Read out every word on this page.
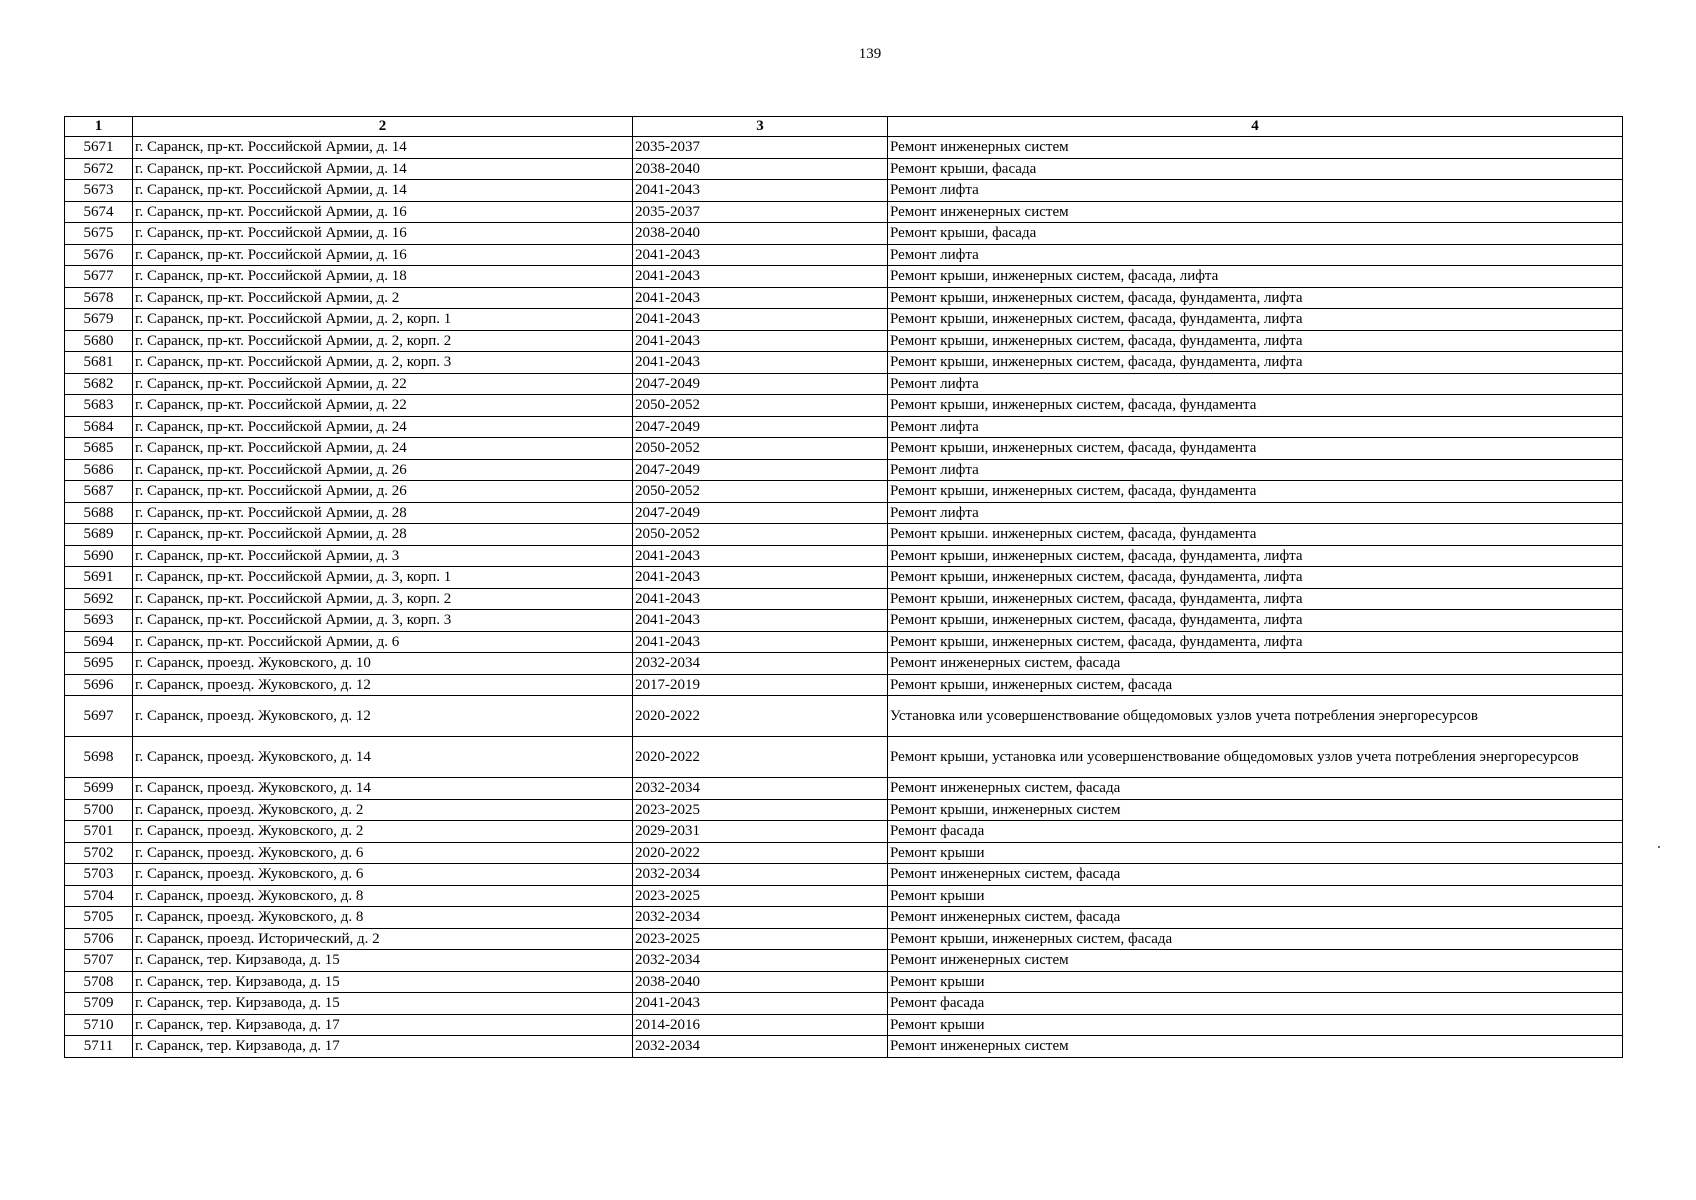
139
1	2	3	4
5671	г. Саранск, пр-кт. Российской Армии, д. 14	2035-2037	Ремонт инженерных систем
5672	г. Саранск, пр-кт. Российской Армии, д. 14	2038-2040	Ремонт крыши, фасада
5673	г. Саранск, пр-кт. Российской Армии, д. 14	2041-2043	Ремонт лифта
5674	г. Саранск, пр-кт. Российской Армии, д. 16	2035-2037	Ремонт инженерных систем
5675	г. Саранск, пр-кт. Российской Армии, д. 16	2038-2040	Ремонт крыши, фасада
5676	г. Саранск, пр-кт. Российской Армии, д. 16	2041-2043	Ремонт лифта
5677	г. Саранск, пр-кт. Российской Армии, д. 18	2041-2043	Ремонт крыши, инженерных систем, фасада, лифта
5678	г. Саранск, пр-кт. Российской Армии, д. 2	2041-2043	Ремонт крыши, инженерных систем, фасада, фундамента, лифта
5679	г. Саранск, пр-кт. Российской Армии, д. 2, корп. 1	2041-2043	Ремонт крыши, инженерных систем, фасада, фундамента, лифта
5680	г. Саранск, пр-кт. Российской Армии, д. 2, корп. 2	2041-2043	Ремонт крыши, инженерных систем, фасада, фундамента, лифта
5681	г. Саранск, пр-кт. Российской Армии, д. 2, корп. 3	2041-2043	Ремонт крыши, инженерных систем, фасада, фундамента, лифта
5682	г. Саранск, пр-кт. Российской Армии, д. 22	2047-2049	Ремонт лифта
5683	г. Саранск, пр-кт. Российской Армии, д. 22	2050-2052	Ремонт крыши, инженерных систем, фасада, фундамента
5684	г. Саранск, пр-кт. Российской Армии, д. 24	2047-2049	Ремонт лифта
5685	г. Саранск, пр-кт. Российской Армии, д. 24	2050-2052	Ремонт крыши, инженерных систем, фасада, фундамента
5686	г. Саранск, пр-кт. Российской Армии, д. 26	2047-2049	Ремонт лифта
5687	г. Саранск, пр-кт. Российской Армии, д. 26	2050-2052	Ремонт крыши, инженерных систем, фасада, фундамента
5688	г. Саранск, пр-кт. Российской Армии, д. 28	2047-2049	Ремонт лифта
5689	г. Саранск, пр-кт. Российской Армии, д. 28	2050-2052	Ремонт крыши. инженерных систем, фасада, фундамента
5690	г. Саранск, пр-кт. Российской Армии, д. 3	2041-2043	Ремонт крыши, инженерных систем, фасада, фундамента, лифта
5691	г. Саранск, пр-кт. Российской Армии, д. 3, корп. 1	2041-2043	Ремонт крыши, инженерных систем, фасада, фундамента, лифта
5692	г. Саранск, пр-кт. Российской Армии, д. 3, корп. 2	2041-2043	Ремонт крыши, инженерных систем, фасада, фундамента, лифта
5693	г. Саранск, пр-кт. Российской Армии, д. 3, корп. 3	2041-2043	Ремонт крыши, инженерных систем, фасада, фундамента, лифта
5694	г. Саранск, пр-кт. Российской Армии, д. 6	2041-2043	Ремонт крыши, инженерных систем, фасада, фундамента, лифта
5695	г. Саранск, проезд. Жуковского, д. 10	2032-2034	Ремонт инженерных систем, фасада
5696	г. Саранск, проезд. Жуковского, д. 12	2017-2019	Ремонт крыши, инженерных систем, фасада
5697	г. Саранск, проезд. Жуковского, д. 12	2020-2022	Установка или усовершенствование общедомовых узлов учета потребления энергоресурсов
5698	г. Саранск, проезд. Жуковского, д. 14	2020-2022	Ремонт крыши, установка или усовершенствование общедомовых узлов учета потребления энергоресурсов
5699	г. Саранск, проезд. Жуковского, д. 14	2032-2034	Ремонт инженерных систем, фасада
5700	г. Саранск, проезд. Жуковского, д. 2	2023-2025	Ремонт крыши, инженерных систем
5701	г. Саранск, проезд. Жуковского, д. 2	2029-2031	Ремонт фасада
5702	г. Саранск, проезд. Жуковского, д. 6	2020-2022	Ремонт крыши
5703	г. Саранск, проезд. Жуковского, д. 6	2032-2034	Ремонт инженерных систем, фасада
5704	г. Саранск, проезд. Жуковского, д. 8	2023-2025	Ремонт крыши
5705	г. Саранск, проезд. Жуковского, д. 8	2032-2034	Ремонт инженерных систем, фасада
5706	г. Саранск, проезд. Исторический, д. 2	2023-2025	Ремонт крыши, инженерных систем, фасада
5707	г. Саранск, тер. Кирзавода, д. 15	2032-2034	Ремонт инженерных систем
5708	г. Саранск, тер. Кирзавода, д. 15	2038-2040	Ремонт крыши
5709	г. Саранск, тер. Кирзавода, д. 15	2041-2043	Ремонт фасада
5710	г. Саранск, тер. Кирзавода, д. 17	2014-2016	Ремонт крыши
5711	г. Саранск, тер. Кирзавода, д. 17	2032-2034	Ремонт инженерных систем
